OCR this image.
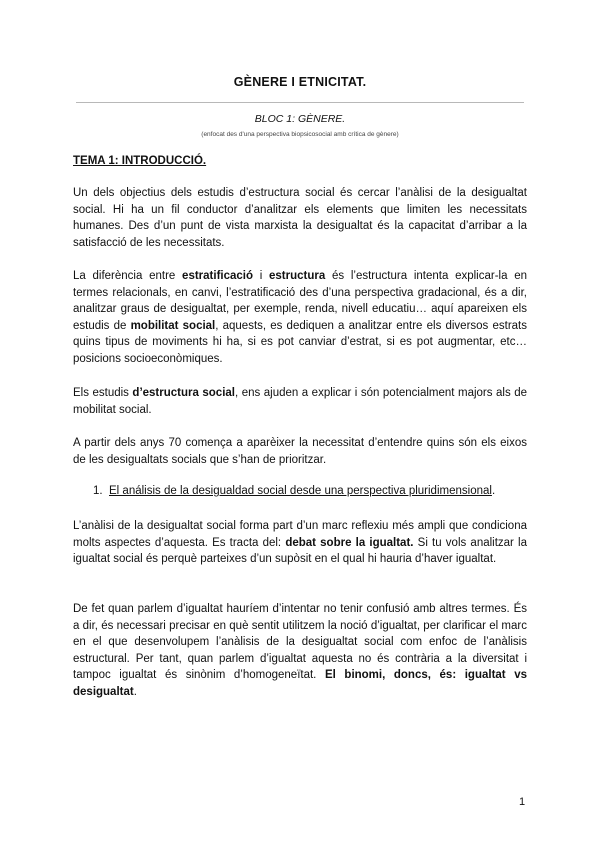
GÈNERE I ETNICITAT.
BLOC 1: GÈNERE.
(enfocat des d'una perspectiva biopsicosocial amb crítica de gènere)
TEMA 1: INTRODUCCIÓ.

Un dels objectius dels estudis d’estructura social és cercar l’anàlisi de la desigualtat social. Hi ha un fil conductor d’analitzar els elements que limiten les necessitats humanes. Des d’un punt de vista marxista la desigualtat és la capacitat d’arribar a la satisfacció de les necessitats.

La diferència entre estratificació i estructura és l’estructura intenta explicar-la en termes relacionals, en canvi, l’estratificació des d’una perspectiva gradacional, és a dir, analitzar graus de desigualtat, per exemple, renda, nivell educatiu… aquí apareixen els estudis de mobilitat social, aquests, es dediquen a analitzar entre els diversos estrats quins tipus de moviments hi ha, si es pot canviar d’estrat, si es pot augmentar, etc… posicions socioeconòmiques.

Els estudis d’estructura social, ens ajuden a explicar i són potencialment majors als de mobilitat social.

A partir dels anys 70 comença a aparèixer la necessitat d’entendre quins són els eixos de les desigualtats socials que s’han de prioritzar.

1. El análisis de la desigualdad social desde una perspectiva pluridimensional.

L’anàlisi de la desigualtat social forma part d’un marc reflexiu més ampli que condiciona molts aspectes d’aquesta. Es tracta del: debat sobre la igualtat. Si tu vols analitzar la igualtat social és perquè parteixes d’un supòsit en el qual hi hauria d’haver igualtat.

De fet quan parlem d’igualtat hauríem d’intentar no tenir confusió amb altres termes. És a dir, és necessari precisar en què sentit utilitzem la noció d’igualtat, per clarificar el marc en el que desenvolupem l’anàlisis de la desigualtat social com enfoc de l’anàlisis estructural. Per tant, quan parlem d’igualtat aquesta no és contrària a la diversitat i tampoc igualtat és sinònim d’homogeneïtat. El binomi, doncs, és: igualtat vs desigualtat.

1
